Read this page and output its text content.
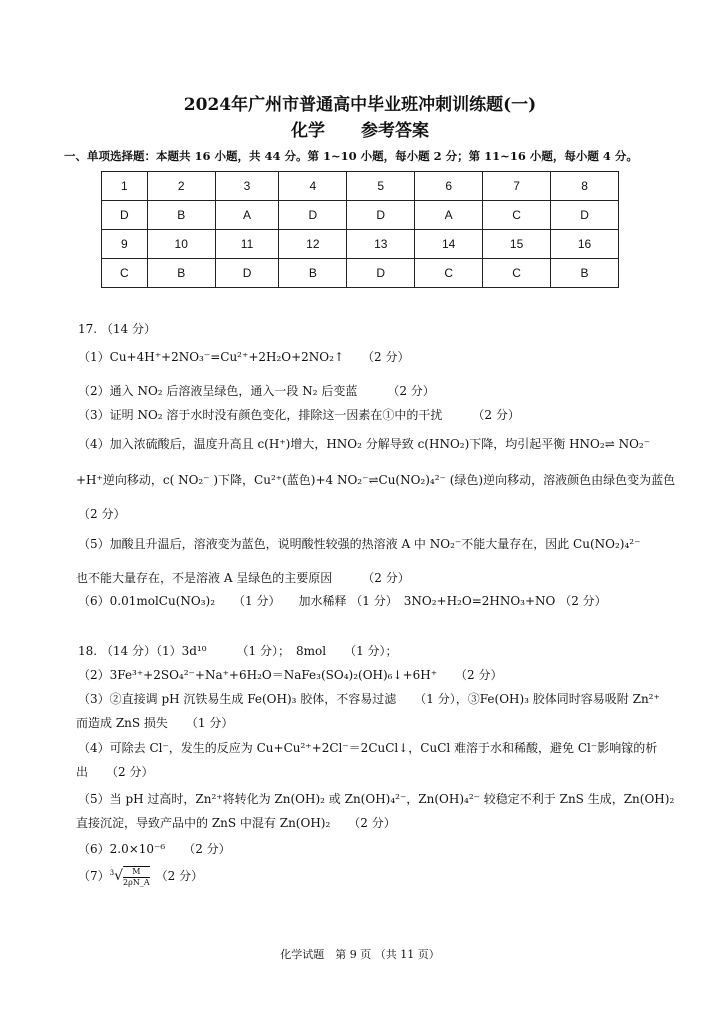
2024年广州市普通高中毕业班冲刺训练题(一)
化学 参考答案
一、单项选择题：本题共 16 小题，共 44 分。第 1~10 小题，每小题 2 分；第 11~16 小题，每小题 4 分。
1	2	3	4	5	6	7	8
D	B	A	D	D	A	C	D
9	10	11	12	13	14	15	16
C	B	D	B	D	C	C	B
17. （14 分）
（1）Cu+4H⁺+2NO₃⁻=Cu²⁺+2H₂O+2NO₂↑　　（2 分）
（2）通入 NO₂ 后溶液呈绿色，通入一段 N₂ 后变蓝　　　（2 分）
（3）证明 NO₂ 溶于水时没有颜色变化，排除这一因素在①中的干扰　　　（2 分）
（4）加入浓硫酸后，温度升高且 c(H⁺)增大，HNO₂ 分解导致 c(HNO₂)下降，均引起平衡 HNO₂⇌ NO₂⁻
+H⁺逆向移动，c( NO₂⁻ )下降，Cu²⁺(蓝色)+4 NO₂⁻⇌Cu(NO₂)₄²⁻ (绿色)逆向移动，溶液颜色由绿色变为蓝色
（2 分）
（5）加酸且升温后，溶液变为蓝色，说明酸性较强的热溶液 A 中 NO₂⁻不能大量存在，因此 Cu(NO₂)₄²⁻
也不能大量存在，不是溶液 A 呈绿色的主要原因　　　（2 分）
（6）0.01molCu(NO₃)₂　　（1 分）　　加水稀释 （1 分）　3NO₂+H₂O=2HNO₃+NO （2 分）
18. （14 分）（1）3d¹⁰　　　（1 分）；　8mol　　（1 分）；
（2）3Fe³⁺+2SO₄²⁻+Na⁺+6H₂O＝NaFe₃(SO₄)₂(OH)₆↓+6H⁺　　（2 分）
（3）②直接调 pH 沉铁易生成 Fe(OH)₃ 胶体，不容易过滤　　（1 分），③Fe(OH)₃ 胶体同时容易吸附 Zn²⁺
而造成 ZnS 损失　　（1 分）
（4）可除去 Cl⁻，发生的反应为 Cu+Cu²⁺+2Cl⁻＝2CuCl↓，CuCl 难溶于水和稀酸，避免 Cl⁻影响镓的析
出　　（2 分）
（5）当 pH 过高时，Zn²⁺将转化为 Zn(OH)₂ 或 Zn(OH)₄²⁻，Zn(OH)₄²⁻ 较稳定不利于 ZnS 生成，Zn(OH)₂
直接沉淀，导致产品中的 ZnS 中混有 Zn(OH)₂　　（2 分）
（6）2.0×10⁻⁶　　（2 分）
$(7)^3√ \frac{M}{2\rho N\_A}$
　 （2 分）
化学试题　第 9 页 （共 11 页）
